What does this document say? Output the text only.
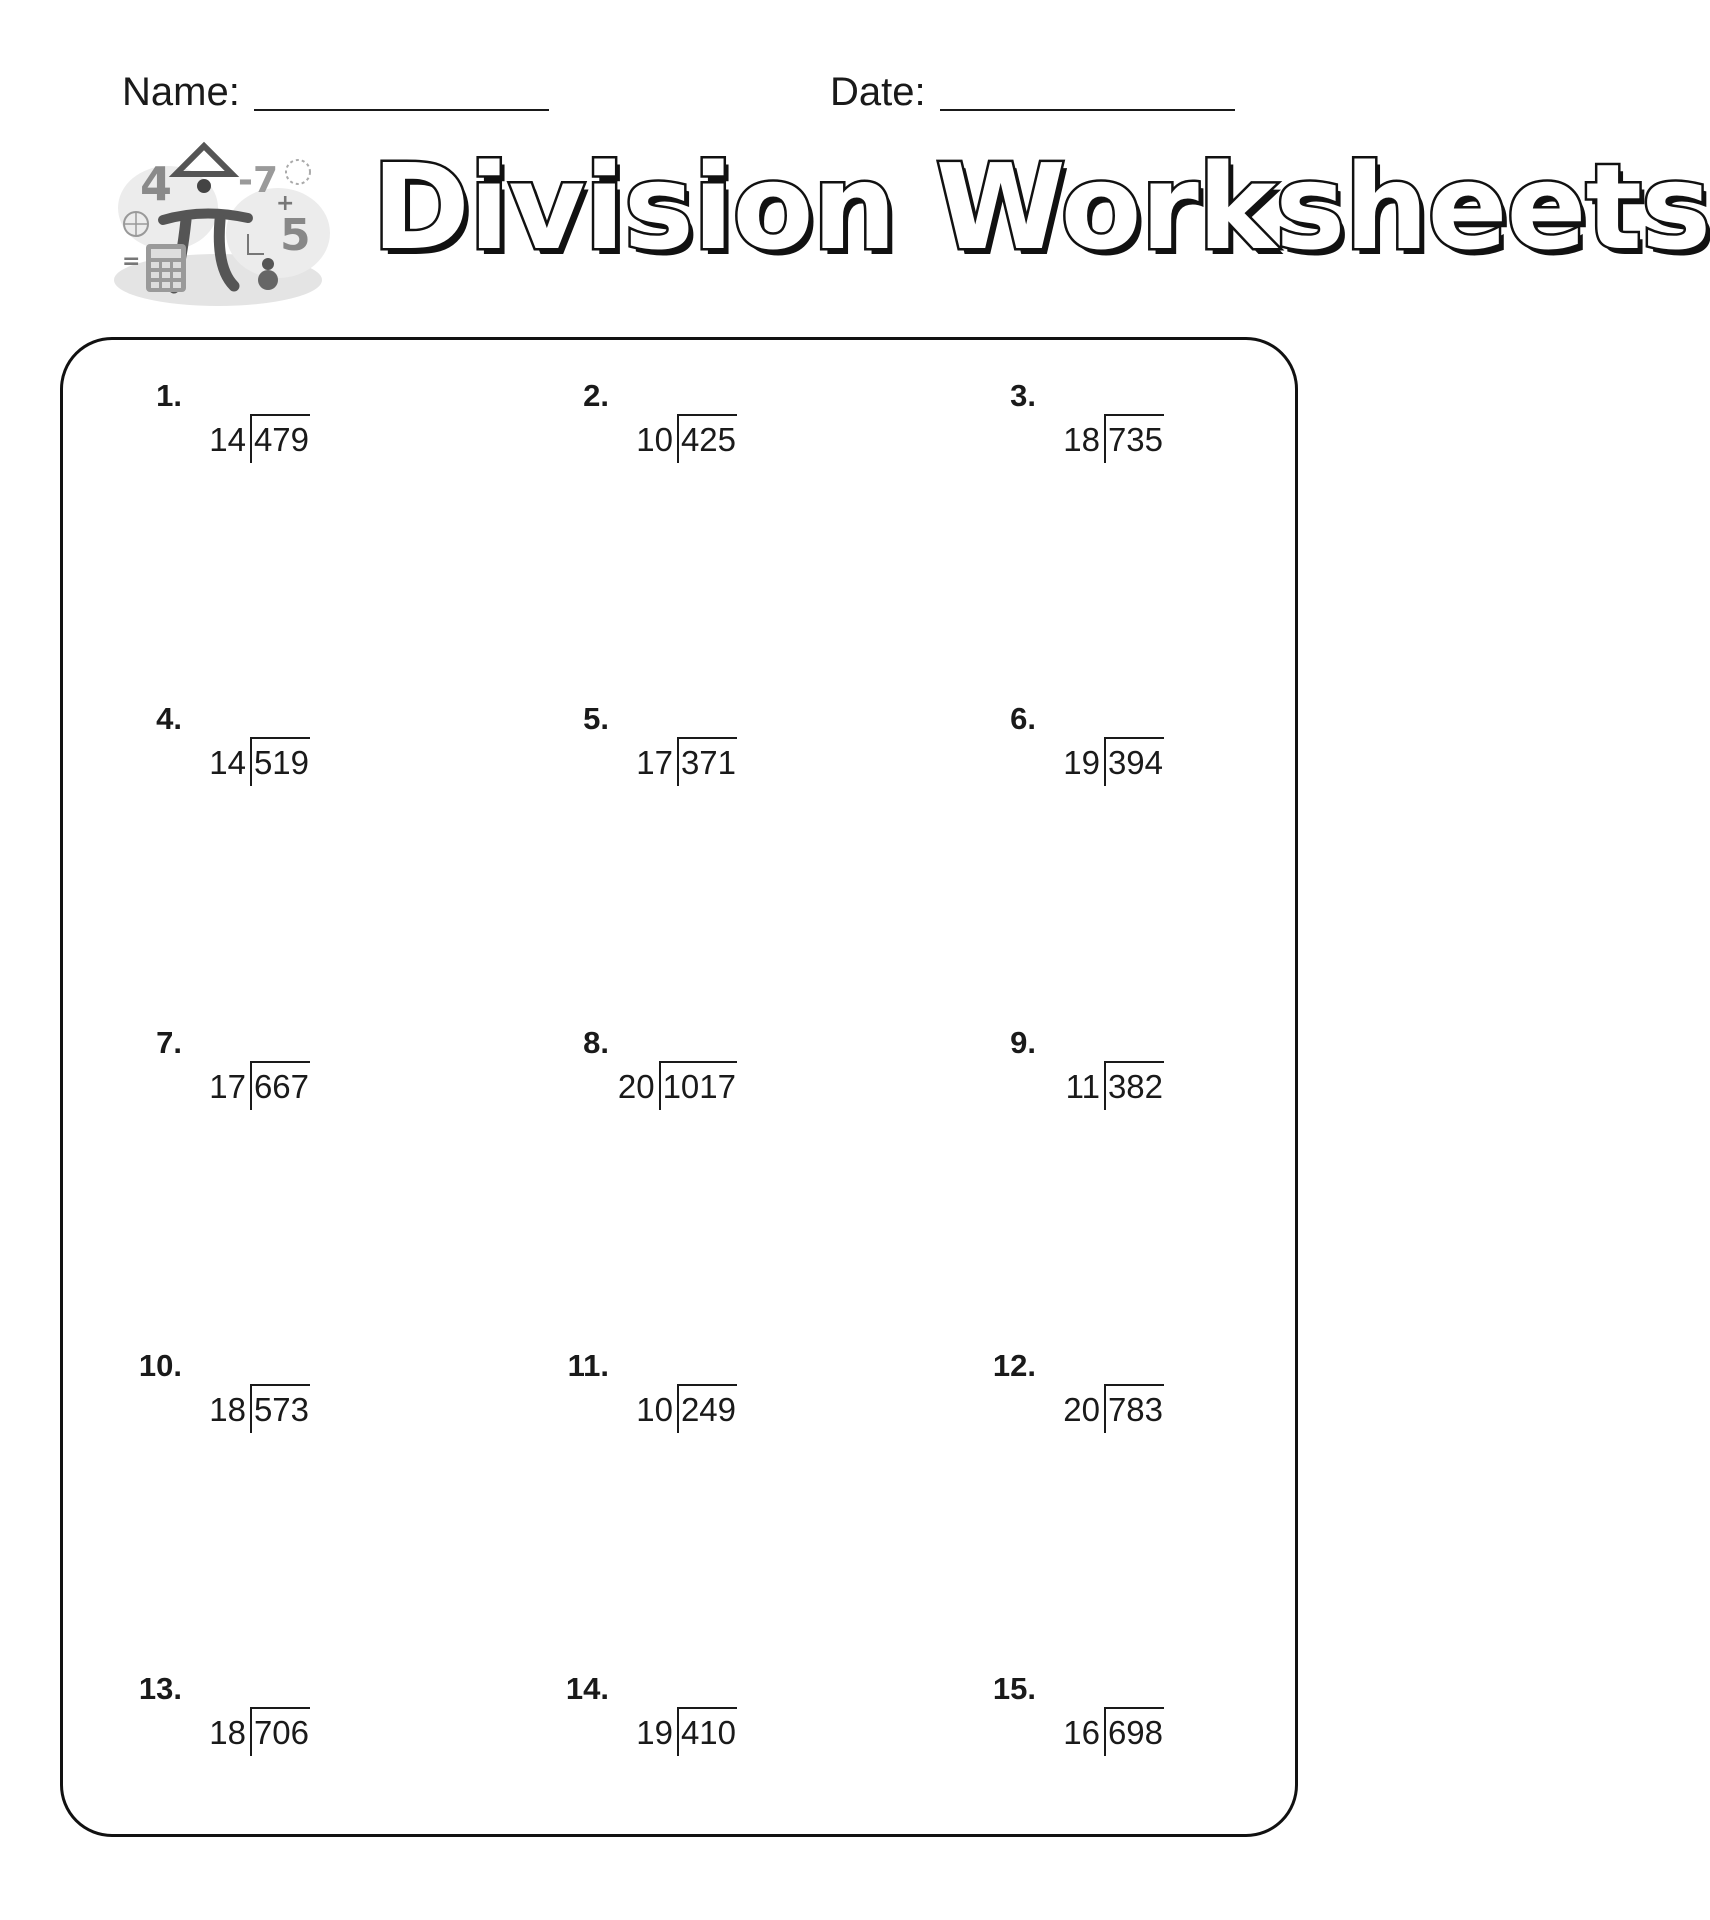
Name:	Date:
4 -7
5
+
= Division Worksheets
1.
14 479
2.
10 425
3.
18 735
4.
14 519
5.
17 371
6.
19 394
7.
17 667
8.
20 1017
9.
11 382
10.
18 573
11.
10 249
12.
20 783
13.
18 706
14.
19 410
15.
16 698
